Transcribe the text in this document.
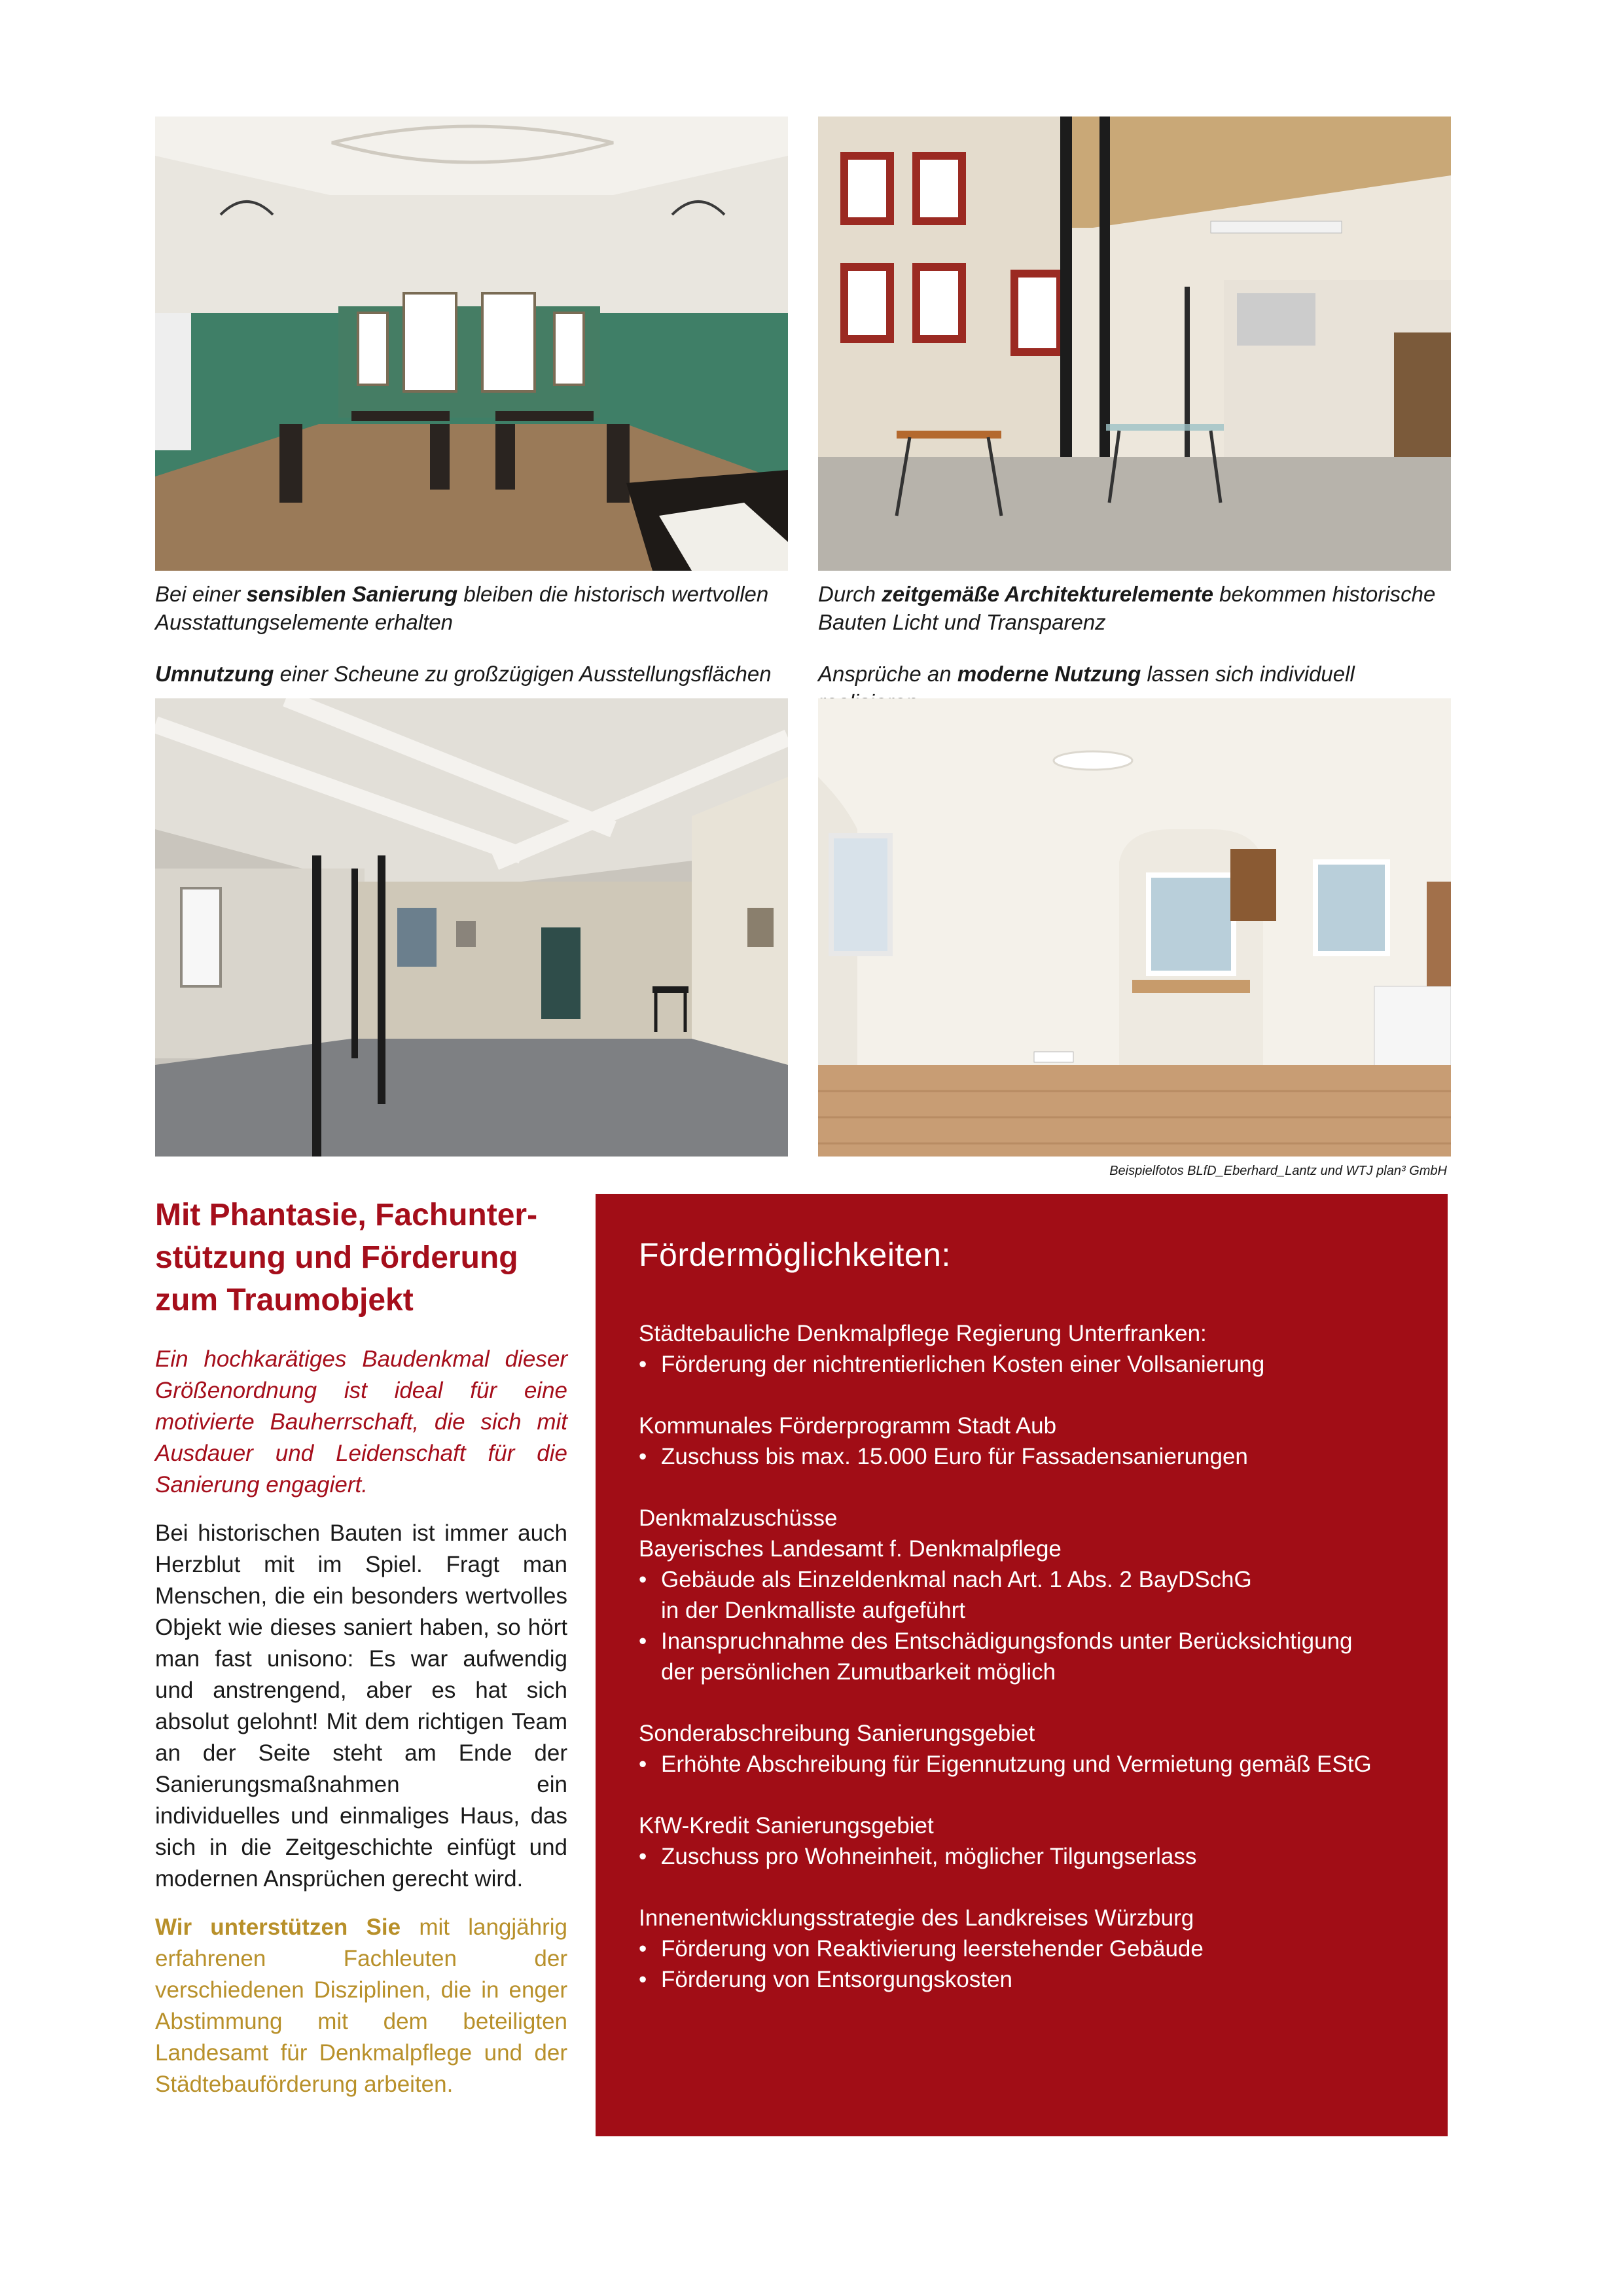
Bei einer sensiblen Sanierung bleiben die historisch wertvollen Ausstattungselemente erhalten
Durch zeitgemäße Architekturelemente bekommen historische Bauten Licht und Transparenz
Umnutzung einer Scheune zu großzügigen Ausstellungsflächen	Ansprüche an moderne Nutzung lassen sich individuell
Beispielfotos BLfD_Eberhard_Lantz und WTJ plan³ GmbH
Mit Phantasie, Fachunter-stützung und Förderung zum Traumobjekt

Ein hochkarätiges Baudenkmal dieser Größenordnung ist ideal für eine motivierte Bauherrschaft, die sich mit Ausdauer und Leidenschaft für die Sanierung engagiert.

Bei historischen Bauten ist immer auch Herzblut mit im Spiel. Fragt man Menschen, die ein besonders wertvolles Objekt wie dieses saniert haben, so hört man fast unisono: Es war aufwendig und anstrengend, aber es hat sich absolut gelohnt! Mit dem richtigen Team an der Seite steht am Ende der Sanierungsmaßnahmen ein individuelles und einmaliges Haus, das sich in die Zeitgeschichte einfügt und modernen Ansprüchen gerecht wird.

Wir unterstützen Sie mit langjährig erfahrenen Fachleuten der verschiedenen Disziplinen, die in enger Abstimmung mit dem beteiligten Landesamt für Denkmalpflege und der Städtebauförderung arbeiten.

Fördermöglichkeiten:
Städtebauliche Denkmalpflege Regierung Unterfranken:
• Förderung der nichtrentierlichen Kosten einer Vollsanierung
Kommunales Förderprogramm Stadt Aub
• Zuschuss bis max. 15.000 Euro für Fassadensanierungen
Denkmalzuschüsse
Bayerisches Landesamt f. Denkmalpflege
• Gebäude als Einzeldenkmal nach Art. 1 Abs. 2 BayDSchG
in der Denkmalliste aufgeführt
• Inanspruchnahme des Entschädigungsfonds unter Berücksichtigung
der persönlichen Zumutbarkeit möglich
Sonderabschreibung Sanierungsgebiet
• Erhöhte Abschreibung für Eigennutzung und Vermietung gemäß EStG
KfW-Kredit Sanierungsgebiet
• Zuschuss pro Wohneinheit, möglicher Tilgungserlass
Innenentwicklungsstrategie des Landkreises Würzburg
• Förderung von Reaktivierung leerstehender Gebäude
• Förderung von Entsorgungskosten
